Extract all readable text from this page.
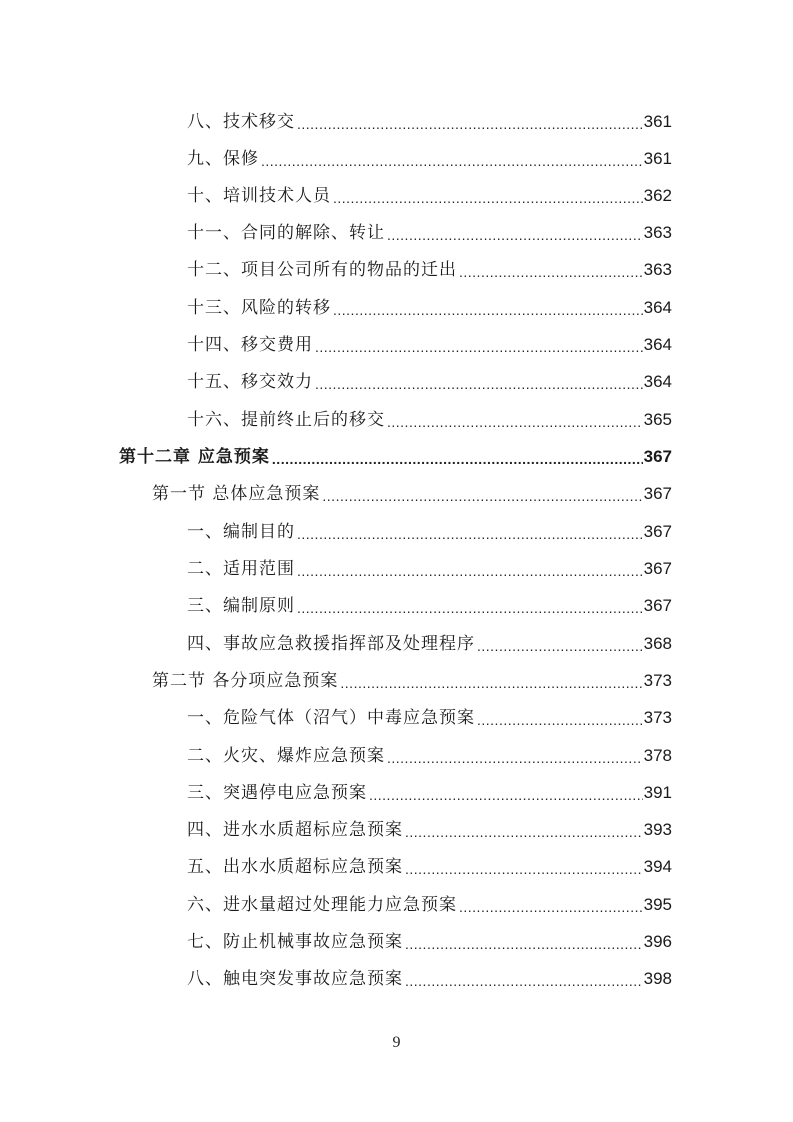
八、技术移交 .....	361
九、保修 .....	361
十、培训技术人员 .....	362
十一、合同的解除、转让 .....	363
十二、项目公司所有的物品的迁出 .....	363
十三、风险的转移 .....	364
十四、移交费用 .....	364
十五、移交效力 .....	364
十六、提前终止后的移交 .....	365
第十二章 应急预案 .....	367
第一节 总体应急预案 .....	367
一、编制目的 .....	367
二、适用范围 .....	367
三、编制原则 .....	367
四、事故应急救援指挥部及处理程序 .....	368
第二节 各分项应急预案 .....	373
一、危险气体（沼气）中毒应急预案 .....	373
二、火灾、爆炸应急预案 .....	378
三、突遇停电应急预案 .....	391
四、进水水质超标应急预案 .....	393
五、出水水质超标应急预案 .....	394
六、进水量超过处理能力应急预案 .....	395
七、防止机械事故应急预案 .....	396
八、触电突发事故应急预案 .....	398
9
